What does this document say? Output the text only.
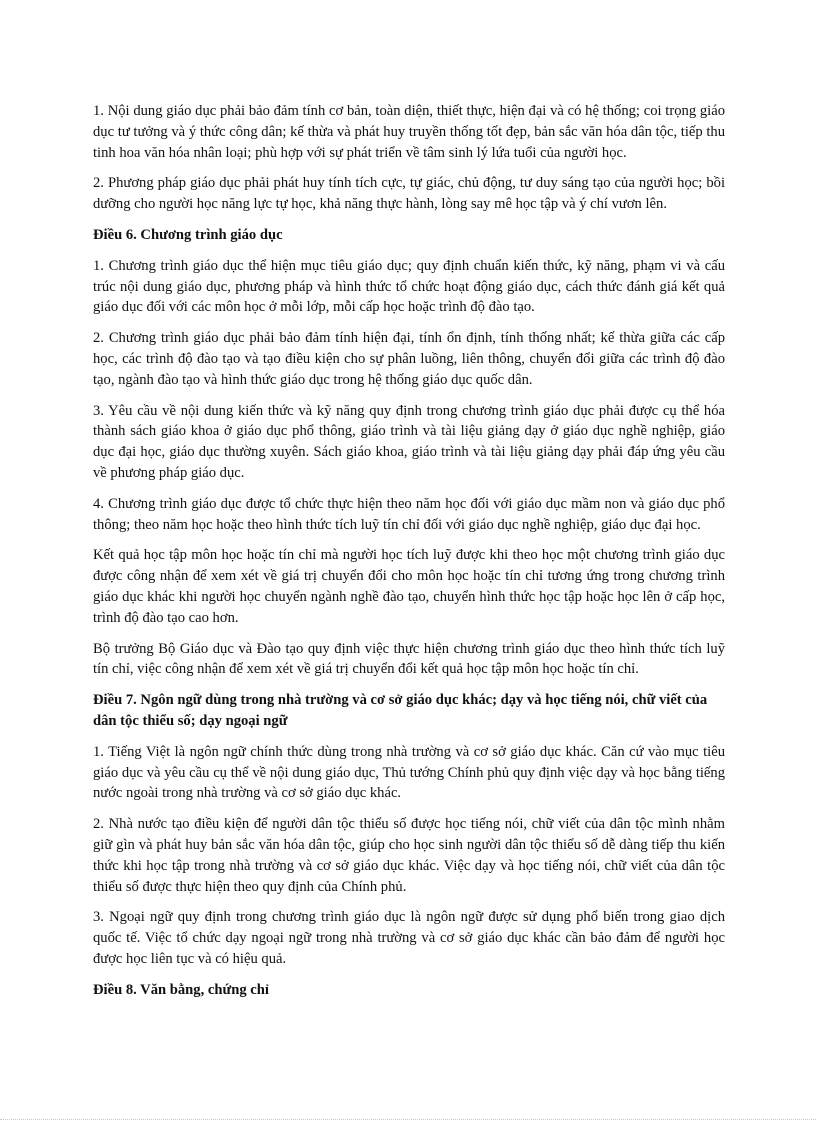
1. Nội dung giáo dục phải bảo đảm tính cơ bản, toàn diện, thiết thực, hiện đại và có hệ thống; coi trọng giáo dục tư tưởng và ý thức công dân; kế thừa và phát huy truyền thống tốt đẹp, bản sắc văn hóa dân tộc, tiếp thu tinh hoa văn hóa nhân loại; phù hợp với sự phát triển về tâm sinh lý lứa tuổi của người học.

2. Phương pháp giáo dục phải phát huy tính tích cực, tự giác, chủ động, tư duy sáng tạo của người học; bồi dưỡng cho người học năng lực tự học, khả năng thực hành, lòng say mê học tập và ý chí vươn lên.

Điều 6. Chương trình giáo dục

1. Chương trình giáo dục thể hiện mục tiêu giáo dục; quy định chuẩn kiến thức, kỹ năng, phạm vi và cấu trúc nội dung giáo dục, phương pháp và hình thức tổ chức hoạt động giáo dục, cách thức đánh giá kết quả giáo dục đối với các môn học ở mỗi lớp, mỗi cấp học hoặc trình độ đào tạo.

2. Chương trình giáo dục phải bảo đảm tính hiện đại, tính ổn định, tính thống nhất; kế thừa giữa các cấp học, các trình độ đào tạo và tạo điều kiện cho sự phân luồng, liên thông, chuyển đổi giữa các trình độ đào tạo, ngành đào tạo và hình thức giáo dục trong hệ thống giáo dục quốc dân.

3. Yêu cầu về nội dung kiến thức và kỹ năng quy định trong chương trình giáo dục phải được cụ thể hóa thành sách giáo khoa ở giáo dục phổ thông, giáo trình và tài liệu giảng dạy ở giáo dục nghề nghiệp, giáo dục đại học, giáo dục thường xuyên. Sách giáo khoa, giáo trình và tài liệu giảng dạy phải đáp ứng yêu cầu về phương pháp giáo dục.

4. Chương trình giáo dục được tổ chức thực hiện theo năm học đối với giáo dục mầm non và giáo dục phổ thông; theo năm học hoặc theo hình thức tích luỹ tín chỉ đối với giáo dục nghề nghiệp, giáo dục đại học.

Kết quả học tập môn học hoặc tín chỉ mà người học tích luỹ được khi theo học một chương trình giáo dục được công nhận để xem xét về giá trị chuyển đổi cho môn học hoặc tín chỉ tương ứng trong chương trình giáo dục khác khi người học chuyển ngành nghề đào tạo, chuyển hình thức học tập hoặc học lên ở cấp học, trình độ đào tạo cao hơn.

Bộ trưởng Bộ Giáo dục và Đào tạo quy định việc thực hiện chương trình giáo dục theo hình thức tích luỹ tín chỉ, việc công nhận để xem xét về giá trị chuyển đổi kết quả học tập môn học hoặc tín chỉ.

Điều 7. Ngôn ngữ dùng trong nhà trường và cơ sở giáo dục khác; dạy và học tiếng nói, chữ viết của dân tộc thiểu số; dạy ngoại ngữ

1. Tiếng Việt là ngôn ngữ chính thức dùng trong nhà trường và cơ sở giáo dục khác. Căn cứ vào mục tiêu giáo dục và yêu cầu cụ thể về nội dung giáo dục, Thủ tướng Chính phủ quy định việc dạy và học bằng tiếng nước ngoài trong nhà trường và cơ sở giáo dục khác.

2. Nhà nước tạo điều kiện để người dân tộc thiểu số được học tiếng nói, chữ viết của dân tộc mình nhằm giữ gìn và phát huy bản sắc văn hóa dân tộc, giúp cho học sinh người dân tộc thiểu số dễ dàng tiếp thu kiến thức khi học tập trong nhà trường và cơ sở giáo dục khác. Việc dạy và học tiếng nói, chữ viết của dân tộc thiểu số được thực hiện theo quy định của Chính phủ.

3. Ngoại ngữ quy định trong chương trình giáo dục là ngôn ngữ được sử dụng phổ biến trong giao dịch quốc tế. Việc tổ chức dạy ngoại ngữ trong nhà trường và cơ sở giáo dục khác cần bảo đảm để người học được học liên tục và có hiệu quả.

Điều 8. Văn bằng, chứng chỉ
